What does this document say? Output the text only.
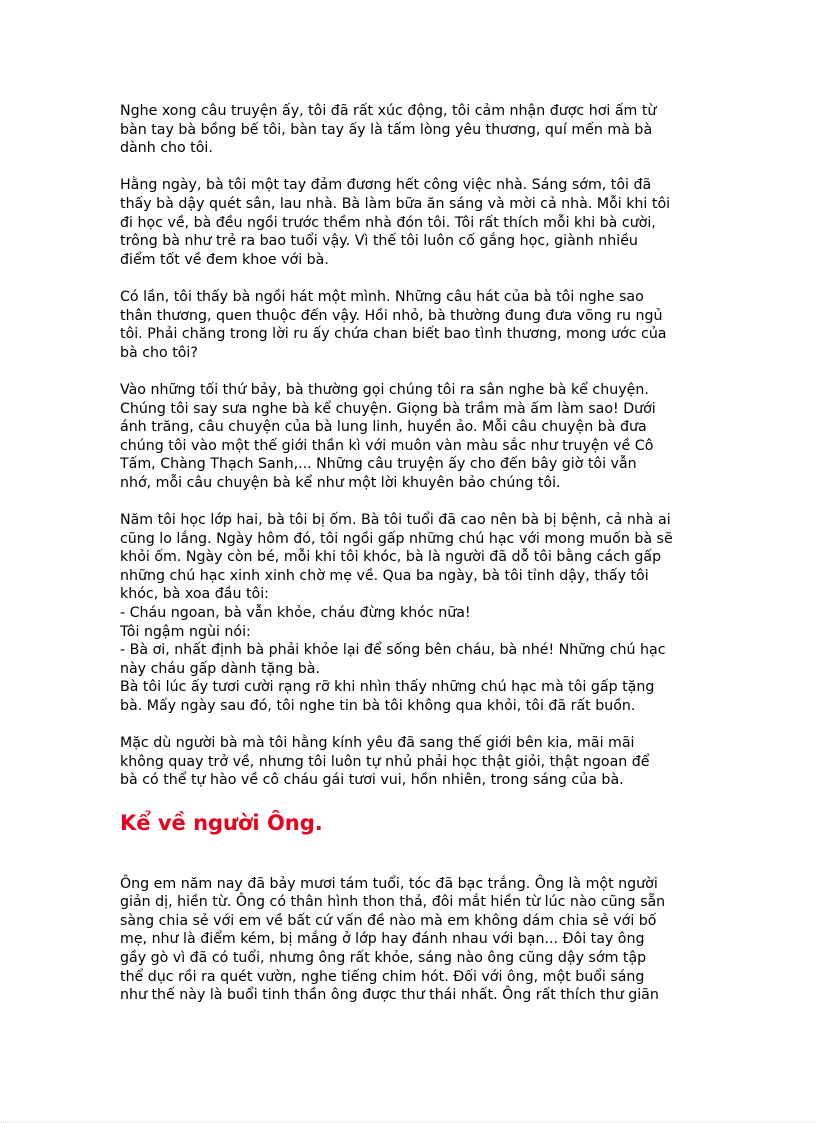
Nghe xong câu truyện ấy, tôi đã rất xúc động, tôi cảm nhận được hơi ấm từ
bàn tay bà bồng bế tôi, bàn tay ấy là tấm lòng yêu thương, quí mến mà bà
dành cho tôi.
Hằng ngày, bà tôi một tay đảm đương hết công việc nhà. Sáng sớm, tôi đã
thấy bà dậy quét sân, lau nhà. Bà làm bữa ăn sáng và mời cả nhà. Mỗi khi tôi
đi học về, bà đều ngồi trước thềm nhà đón tôi. Tôi rất thích mỗi khi bà cười,
trông bà như trẻ ra bao tuổi vậy. Vì thế tôi luôn cố gắng học, giành nhiều
điểm tốt về đem khoe với bà.
Có lần, tôi thấy bà ngồi hát một mình. Những câu hát của bà tôi nghe sao
thân thương, quen thuộc đến vậy. Hồi nhỏ, bà thường đung đưa võng ru ngủ
tôi. Phải chăng trong lời ru ấy chứa chan biết bao tình thương, mong ước của
bà cho tôi?
Vào những tối thứ bảy, bà thường gọi chúng tôi ra sân nghe bà kể chuyện.
Chúng tôi say sưa nghe bà kể chuyện. Giọng bà trầm mà ấm làm sao! Dưới
ánh trăng, câu chuyện của bà lung linh, huyền ảo. Mỗi câu chuyện bà đưa
chúng tôi vào một thế giới thần kì với muôn vàn màu sắc như truyện về Cô
Tấm, Chàng Thạch Sanh,... Những câu truyện ấy cho đến bây giờ tôi vẫn
nhớ, mỗi câu chuyện bà kể như một lời khuyên bảo chúng tôi.
Năm tôi học lớp hai, bà tôi bị ốm. Bà tôi tuổi đã cao nên bà bị bệnh, cả nhà ai
cũng lo lắng. Ngày hôm đó, tôi ngồi gấp những chú hạc với mong muốn bà sẽ
khỏi ốm. Ngày còn bé, mỗi khi tôi khóc, bà là người đã dỗ tôi bằng cách gấp
những chú hạc xinh xinh chờ mẹ về. Qua ba ngày, bà tôi tỉnh dậy, thấy tôi
khóc, bà xoa đầu tôi:
- Cháu ngoan, bà vẫn khỏe, cháu đừng khóc nữa!
Tôi ngậm ngùi nói:
- Bà ơi, nhất định bà phải khỏe lại để sống bên cháu, bà nhé! Những chú hạc
này cháu gấp dành tặng bà.
Bà tôi lúc ấy tươi cười rạng rỡ khi nhìn thấy những chú hạc mà tôi gấp tặng
bà. Mấy ngày sau đó, tôi nghe tin bà tôi không qua khỏi, tôi đã rất buồn.
Mặc dù người bà mà tôi hằng kính yêu đã sang thế giới bên kia, mãi mãi
không quay trở về, nhưng tôi luôn tự nhủ phải học thật giỏi, thật ngoan để
bà có thể tự hào về cô cháu gái tươi vui, hồn nhiên, trong sáng của bà.
Kể về người Ông.
Ông em năm nay đã bảy mươi tám tuổi, tóc đã bạc trắng. Ông là một người
giản dị, hiền từ. Ông có thân hình thon thả, đôi mắt hiền từ lúc nào cũng sẵn
sàng chia sẻ với em về bất cứ vấn đề nào mà em không dám chia sẻ với bố
mẹ, như là điểm kém, bị mắng ở lớp hay đánh nhau với bạn... Đôi tay ông
gầy gò vì đã có tuổi, nhưng ông rất khỏe, sáng nào ông cũng dậy sớm tập
thể dục rồi ra quét vườn, nghe tiếng chim hót. Đối với ông, một buổi sáng
như thế này là buổi tinh thần ông được thư thái nhất. Ông rất thích thư giãn
